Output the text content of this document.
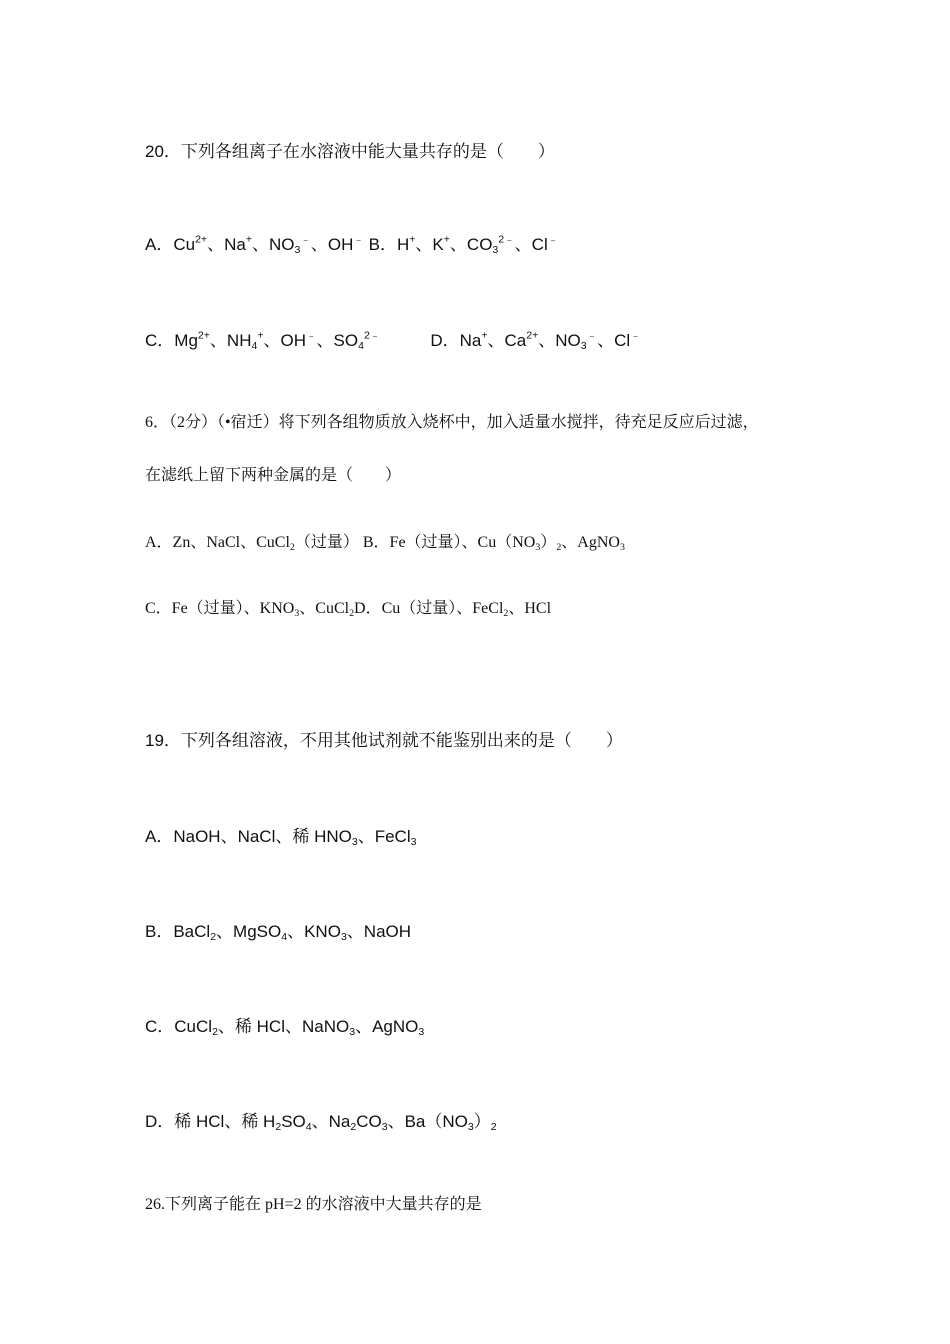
20．下列各组离子在水溶液中能大量共存的是（　　）
A．$Cu^{2+}$、Na+、$NO_3^﹣$、OH﹣ B．H+、K+、$CO_3^{2﹣}$、Cl﹣
C．$Mg^{2+}$、$NH_4^+$、OH﹣、$SO_4^{2﹣}$	D．Na+、$Ca^{2+}$、$NO_3^﹣$、Cl﹣
6．（2分）（•宿迁）将下列各组物质放入烧杯中，加入适量水搅拌，待充足反应后过滤，
在滤纸上留下两种金属的是（　　）
A．Zn、NaCl、CuCl$_2$（过量） B．Fe（过量）、$Cu(NO_3)_2$、AgNO$_3$
C．Fe（过量）、$KNO_3$、CuCl$_2$D．Cu（过量）、FeCl$_2$、HCl
19．下列各组溶液，不用其他试剂就不能鉴别出来的是（　　）
A．NaOH、NaCl、稀 $HNO_3$、FeCl$_3$
B．BaCl$_2$、MgSO$_4$、$KNO_3$、NaOH
C．CuCl$_2$、稀 HCl、NaNO$_3$、AgNO$_3$
D．稀 HCl、稀 $H_2SO_4$、$Na_2CO_3$、$Ba(NO_3)_2$
26.下列离子能在 pH=2 的水溶液中大量共存的是
